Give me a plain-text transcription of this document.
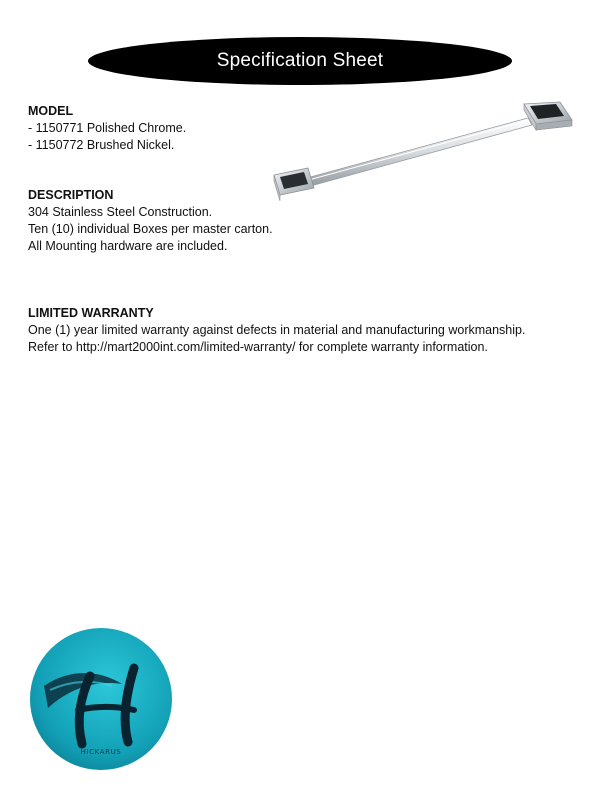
Specification Sheet
MODEL

- 1150771 Polished Chrome.

- 1150772 Brushed Nickel.

DESCRIPTION

304 Stainless Steel Construction.

Ten (10) individual Boxes per master carton.

All Mounting hardware are included.

LIMITED WARRANTY

One (1) year limited warranty against defects in material and manufacturing workmanship.

Refer to http://mart2000int.com/limited-warranty/ for complete warranty information.

HICKARUS
